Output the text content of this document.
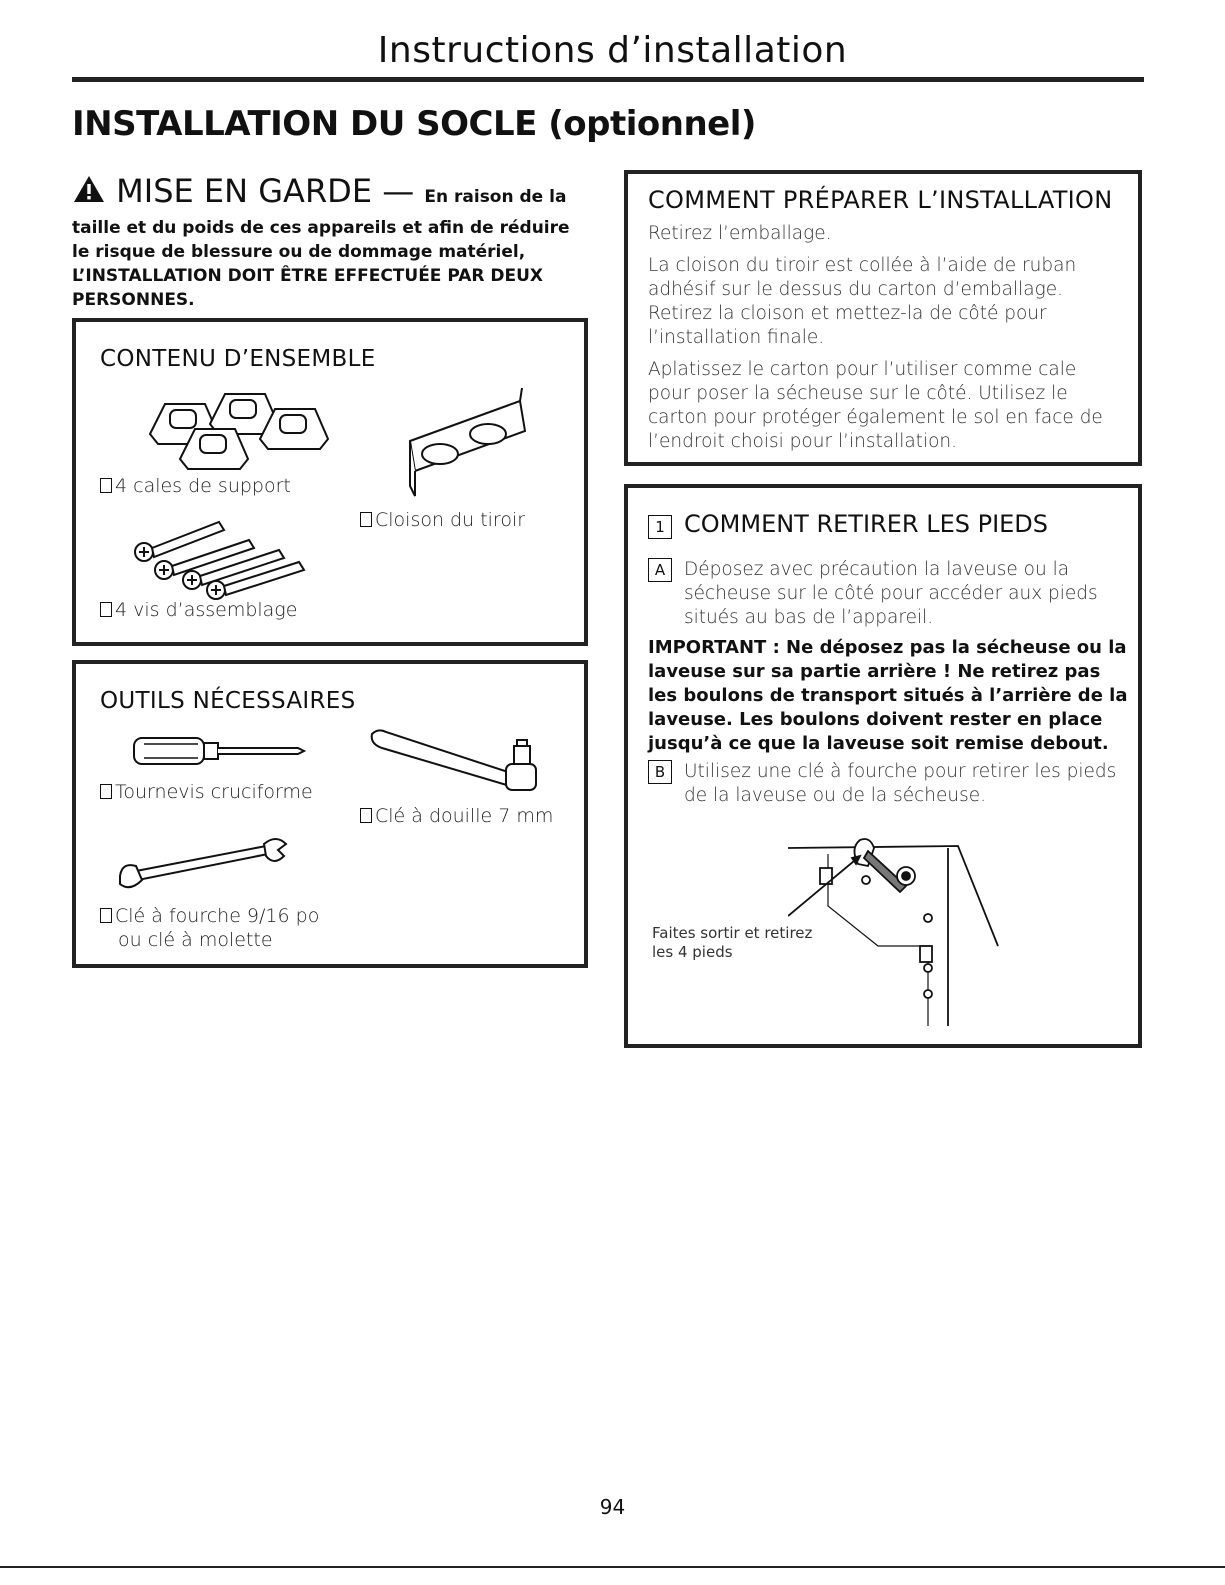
Instructions d’installation
INSTALLATION DU SOCLE (optionnel)
MISE EN GARDE — En raison de la
taille et du poids de ces appareils et afin de réduire
le risque de blessure ou de dommage matériel,
L’INSTALLATION DOIT ÊTRE EFFECTUÉE PAR DEUX
PERSONNES.
CONTENU D’ENSEMBLE
4 cales de support
4 vis d’assemblage
Cloison du tiroir
OUTILS NÉCESSAIRES
Tournevis cruciforme
Clé à douille 7 mm
Clé à fourche 9/16 po
ou clé à molette
COMMENT PRÉPARER L’INSTALLATION

Retirez l’emballage.

La cloison du tiroir est collée à l’aide de ruban adhésif sur le dessus du carton d’emballage. Retirez la cloison et mettez-la de côté pour l’installation finale.

Aplatissez le carton pour l’utiliser comme cale pour poser la sécheuse sur le côté. Utilisez le carton pour protéger également le sol en face de l’endroit choisi pour l’installation.

1 COMMENT RETIRER LES PIEDS
A	Déposez avec précaution la laveuse ou la sécheuse sur le côté pour accéder aux pieds situés au bas de l’appareil.
IMPORTANT : Ne déposez pas la sécheuse ou la laveuse sur sa partie arrière ! Ne retirez pas les boulons de transport situés à l’arrière de la laveuse. Les boulons doivent rester en place jusqu’à ce que la laveuse soit remise debout.
B	Utilisez une clé à fourche pour retirer les pieds de la laveuse ou de la sécheuse.
Faites sortir et retirez
les 4 pieds
94
